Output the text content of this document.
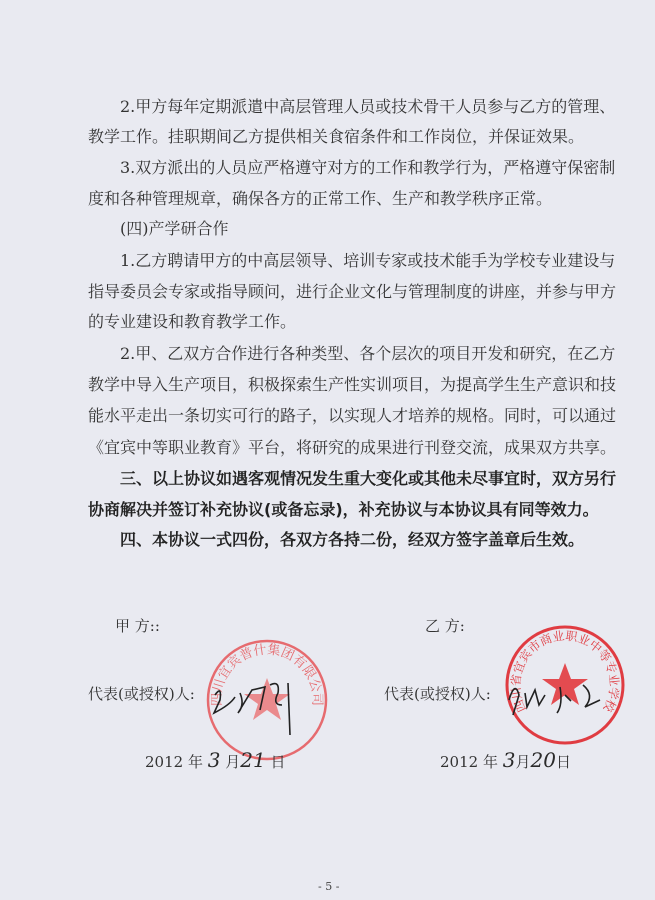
2.甲方每年定期派遣中高层管理人员或技术骨干人员参与乙方的管理、
教学工作。挂职期间乙方提供相关食宿条件和工作岗位，并保证效果。
3.双方派出的人员应严格遵守对方的工作和教学行为，严格遵守保密制
度和各种管理规章，确保各方的正常工作、生产和教学秩序正常。
(四)产学研合作
1.乙方聘请甲方的中高层领导、培训专家或技术能手为学校专业建设与
指导委员会专家或指导顾问，进行企业文化与管理制度的讲座，并参与甲方
的专业建设和教育教学工作。
2.甲、乙双方合作进行各种类型、各个层次的项目开发和研究，在乙方
教学中导入生产项目，积极探索生产性实训项目，为提高学生生产意识和技
能水平走出一条切实可行的路子，以实现人才培养的规格。同时，可以通过
《宜宾中等职业教育》平台，将研究的成果进行刊登交流，成果双方共享。
三、以上协议如遇客观情况发生重大变化或其他未尽事宜时，双方另行
协商解决并签订补充协议(或备忘录)，补充协议与本协议具有同等效力。
四、本协议一式四份，各双方各持二份，经双方签字盖章后生效。
四川宜宾普什集团有限公司	四川省宜宾市商业职业中等专业学校
甲 方::
代表(或授权)人:
2012 年 3 月21 日
乙 方:
代表(或授权)人:
2012 年 3月20日
- 5 -
